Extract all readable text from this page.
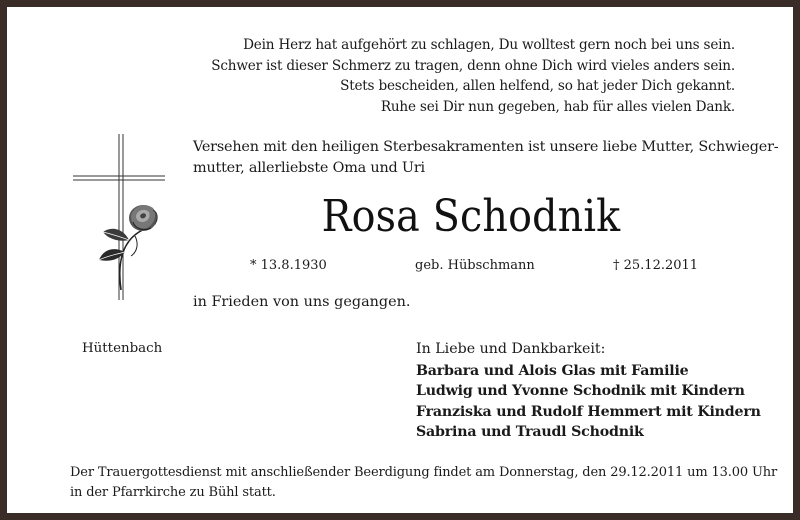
Dein Herz hat aufgehört zu schlagen, Du wolltest gern noch bei uns sein.
Schwer ist dieser Schmerz zu tragen, denn ohne Dich wird vieles anders sein.
Stets bescheiden, allen helfend, so hat jeder Dich gekannt.
Ruhe sei Dir nun gegeben, hab für alles vielen Dank.
Versehen mit den heiligen Sterbesakramenten ist unsere liebe Mutter, Schwieger-
mutter, allerliebste Oma und Uri
Rosa Schodnik
* 13.8.1930	geb. Hübschmann	† 25.12.2011
in Frieden von uns gegangen.
Hüttenbach	In Liebe und Dankbarkeit:
Barbara und Alois Glas mit Familie
Ludwig und Yvonne Schodnik mit Kindern
Franziska und Rudolf Hemmert mit Kindern
Sabrina und Traudl Schodnik
Der Trauergottesdienst mit anschließender Beerdigung findet am Donnerstag, den 29.12.2011 um 13.00 Uhr
in der Pfarrkirche zu Bühl statt.
